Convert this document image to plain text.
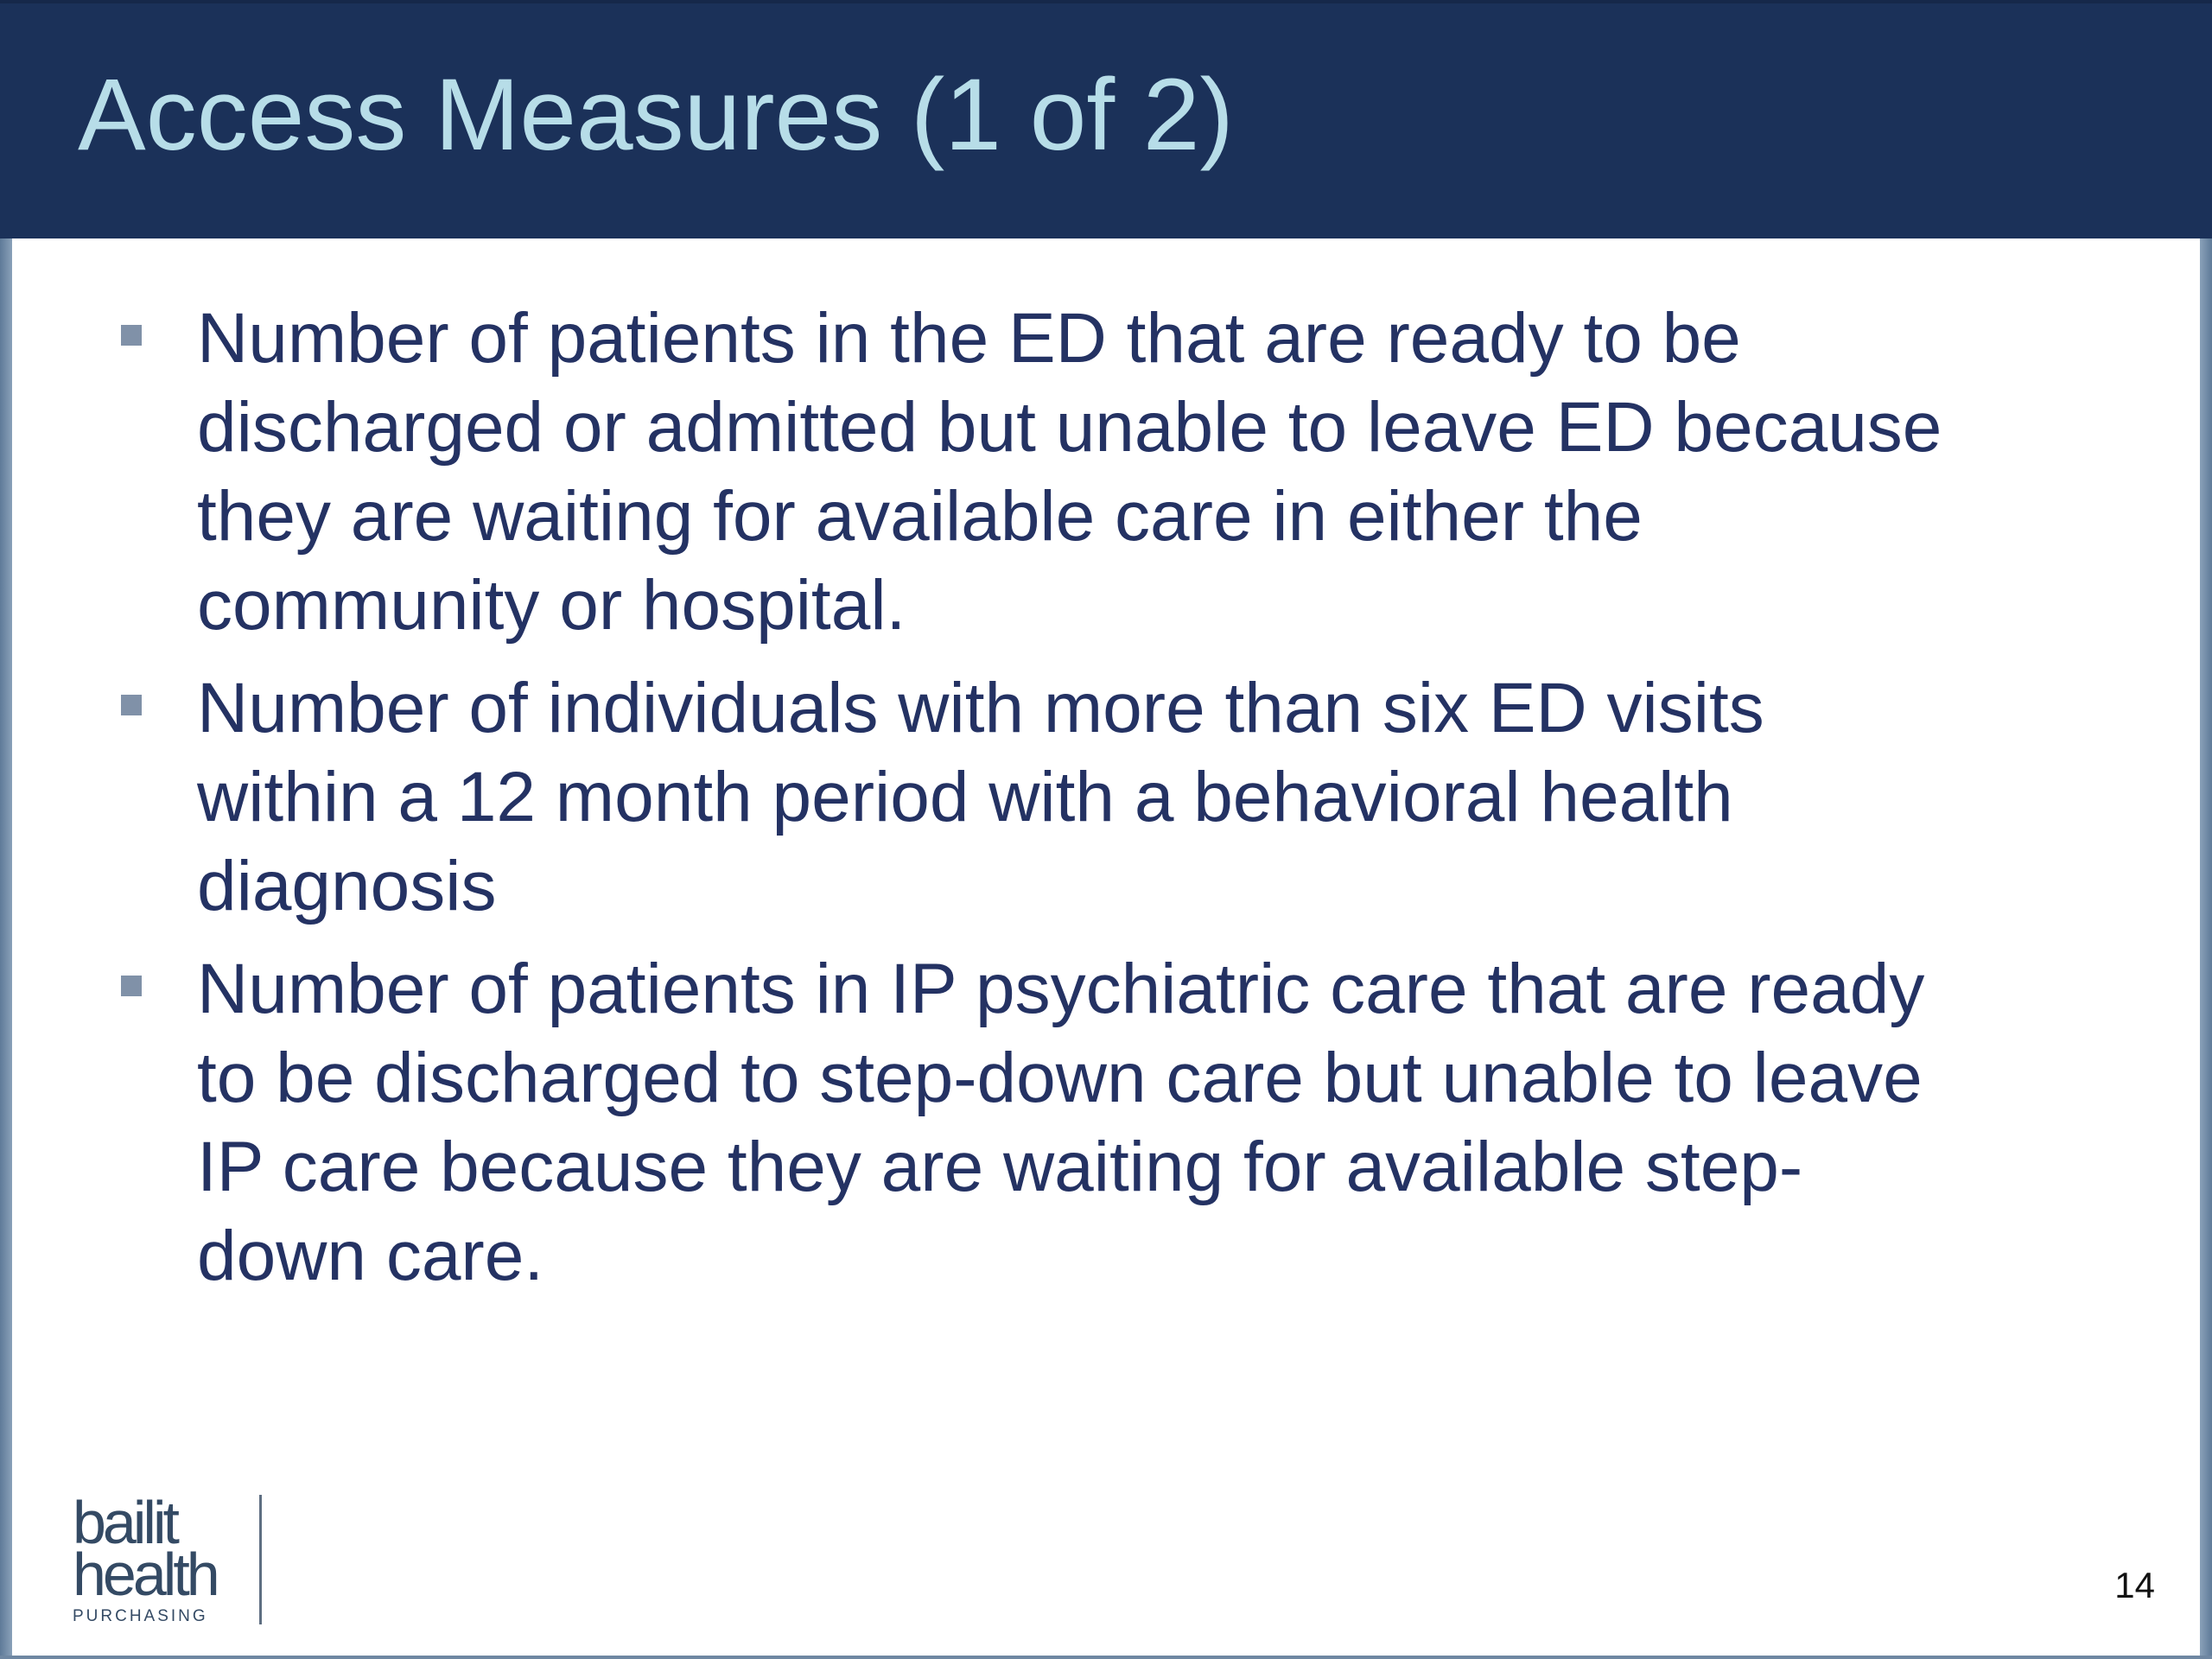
Access Measures (1 of 2)
Number of patients in the ED that are ready to be discharged or admitted but unable to leave ED because they are waiting for available care in either the community or hospital.
Number of individuals with more than six ED visits within a 12 month period with a behavioral health diagnosis
Number of patients in IP psychiatric care that are ready to be discharged to step-down care but unable to leave IP care because they are waiting for available step-down care.
bailit
health
PURCHASING
14
